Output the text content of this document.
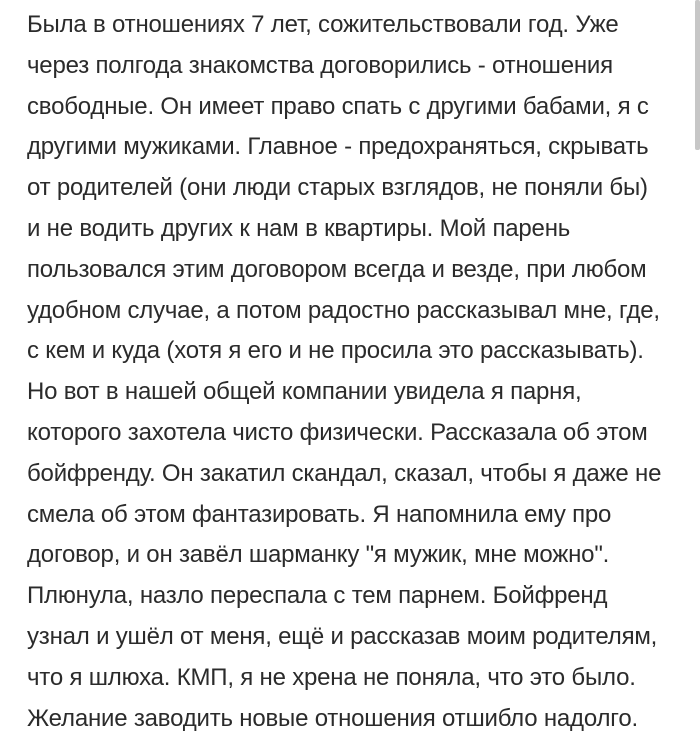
Была в отношениях 7 лет, сожительствовали год. Уже
через полгода знакомства договорились - отношения
свободные. Он имеет право спать с другими бабами, я с
другими мужиками. Главное - предохраняться, скрывать
от родителей (они люди старых взглядов, не поняли бы)
и не водить других к нам в квартиры. Мой парень
пользовался этим договором всегда и везде, при любом
удобном случае, а потом радостно рассказывал мне, где,
с кем и куда (хотя я его и не просила это рассказывать).
Но вот в нашей общей компании увидела я парня,
которого захотела чисто физически. Рассказала об этом
бойфренду. Он закатил скандал, сказал, чтобы я даже не
смела об этом фантазировать. Я напомнила ему про
договор, и он завёл шарманку "я мужик, мне можно".
Плюнула, назло переспала с тем парнем. Бойфренд
узнал и ушёл от меня, ещё и рассказав моим родителям,
что я шлюха. КМП, я не хрена не поняла, что это было.
Желание заводить новые отношения отшибло надолго.
